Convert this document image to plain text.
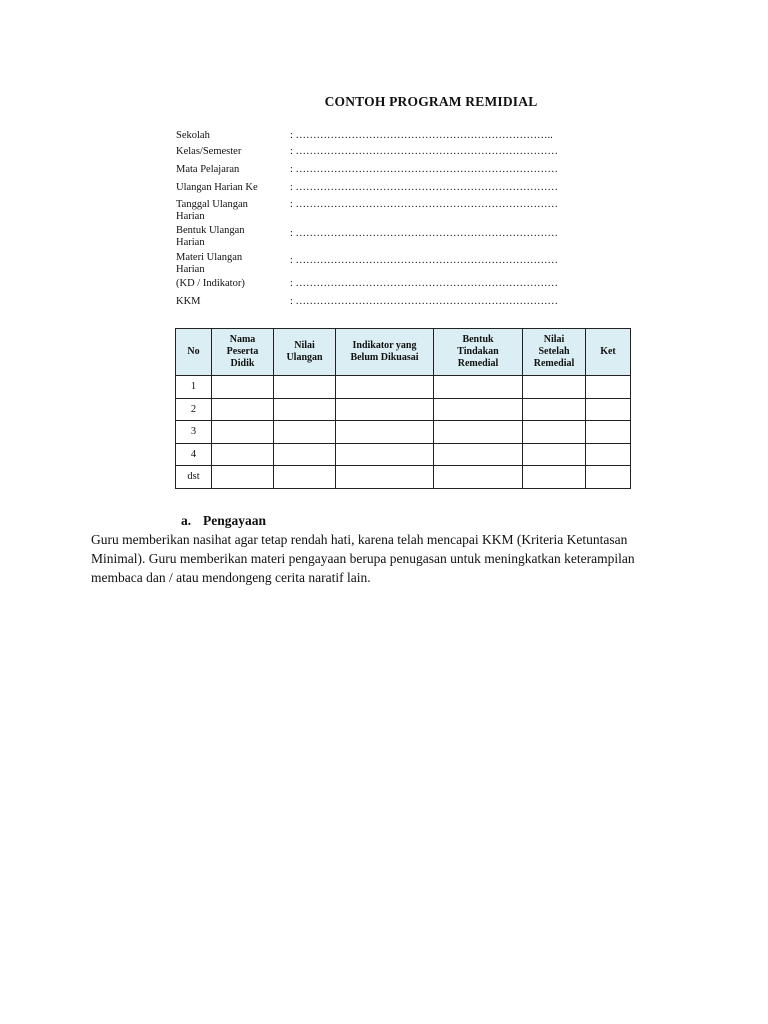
CONTOH PROGRAM REMIDIAL
Sekolah	: ………………………………………………………………..
Kelas/Semester	: …………………………………………………………………
Mata Pelajaran	: …………………………………………………………………
Ulangan Harian Ke	: …………………………………………………………………
Tanggal Ulangan Harian
: …………………………………………………………………
Bentuk Ulangan Harian
: …………………………………………………………………
Materi Ulangan Harian
: …………………………………………………………………
(KD / Indikator)	: …………………………………………………………………
KKM	: …………………………………………………………………
No	Nama Peserta Didik	Nilai Ulangan	Indikator yang Belum Dikuasai	Bentuk Tindakan Remedial	Nilai Setelah Remedial	Ket
1						
2						
3						
4						
dst						
a. Pengayaan
Guru memberikan nasihat agar tetap rendah hati, karena telah mencapai KKM (Kriteria Ketuntasan Minimal). Guru memberikan materi pengayaan berupa penugasan untuk meningkatkan keterampilan membaca dan / atau mendongeng cerita naratif lain.
